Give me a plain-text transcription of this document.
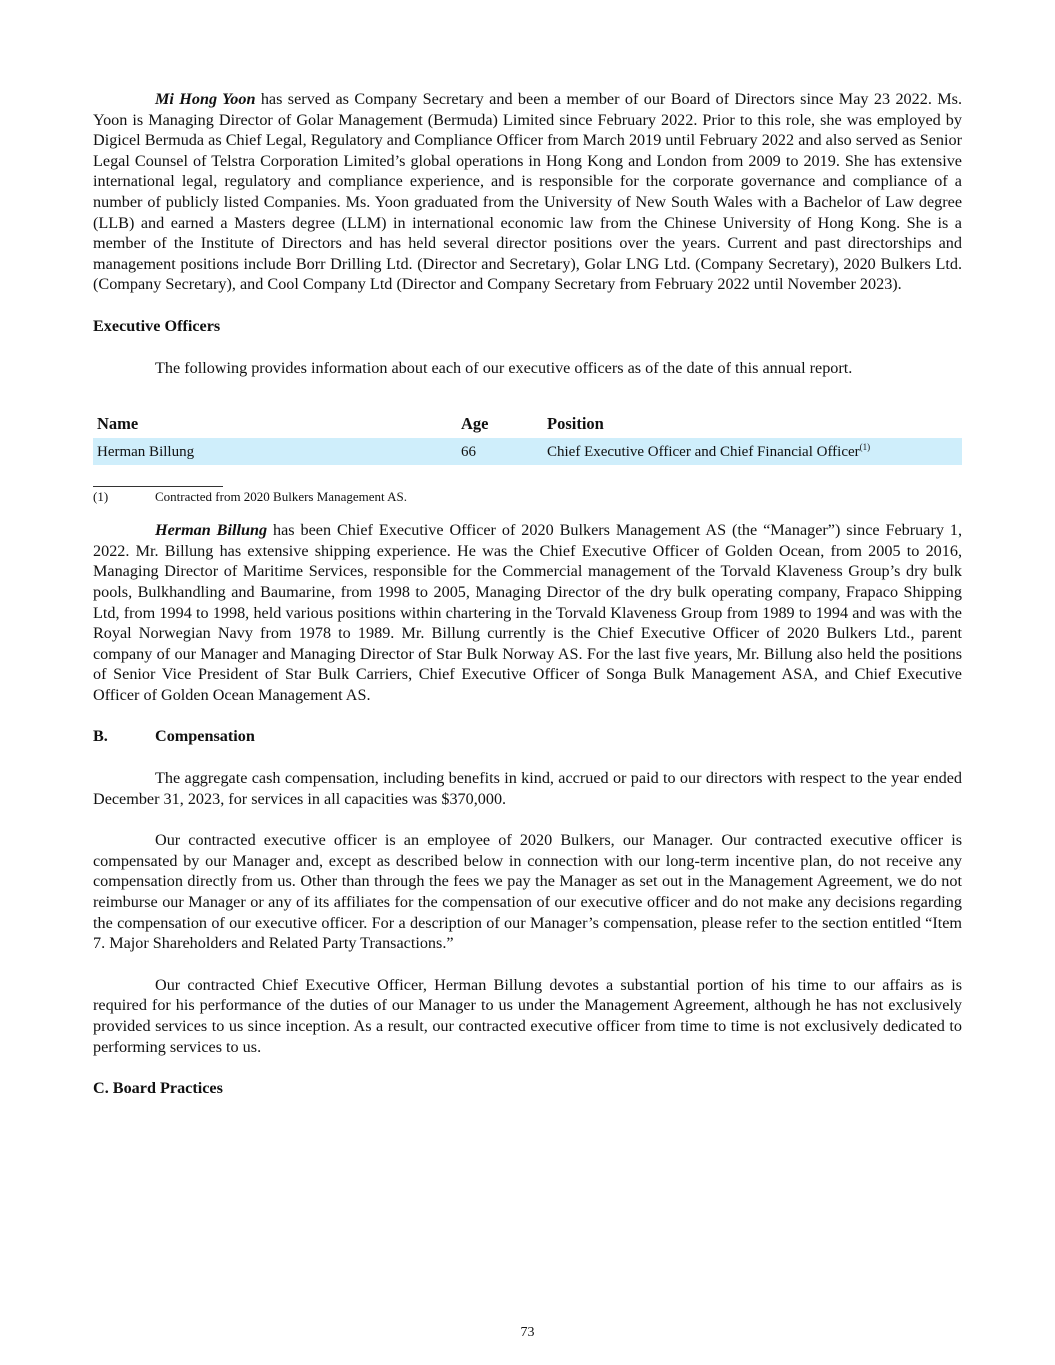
Mi Hong Yoon has served as Company Secretary and been a member of our Board of Directors since May 23 2022. Ms. Yoon is Managing Director of Golar Management (Bermuda) Limited since February 2022. Prior to this role, she was employed by Digicel Bermuda as Chief Legal, Regulatory and Compliance Officer from March 2019 until February 2022 and also served as Senior Legal Counsel of Telstra Corporation Limited’s global operations in Hong Kong and London from 2009 to 2019. She has extensive international legal, regulatory and compliance experience, and is responsible for the corporate governance and compliance of a number of publicly listed Companies. Ms. Yoon graduated from the University of New South Wales with a Bachelor of Law degree (LLB) and earned a Masters degree (LLM) in international economic law from the Chinese University of Hong Kong. She is a member of the Institute of Directors and has held several director positions over the years. Current and past directorships and management positions include Borr Drilling Ltd. (Director and Secretary), Golar LNG Ltd. (Company Secretary), 2020 Bulkers Ltd. (Company Secretary), and Cool Company Ltd (Director and Company Secretary from February 2022 until November 2023).

Executive Officers

The following provides information about each of our executive officers as of the date of this annual report.

Name	Age	Position
Herman Billung	66	Chief Executive Officer and Chief Financial Officer$^{(1)}$
(1)	Contracted from 2020 Bulkers Management AS.

Herman Billung has been Chief Executive Officer of 2020 Bulkers Management AS (the “Manager”) since February 1, 2022. Mr. Billung has extensive shipping experience. He was the Chief Executive Officer of Golden Ocean, from 2005 to 2016, Managing Director of Maritime Services, responsible for the Commercial management of the Torvald Klaveness Group’s dry bulk pools, Bulkhandling and Baumarine, from 1998 to 2005, Managing Director of the dry bulk operating company, Frapaco Shipping Ltd, from 1994 to 1998, held various positions within chartering in the Torvald Klaveness Group from 1989 to 1994 and was with the Royal Norwegian Navy from 1978 to 1989. Mr. Billung currently is the Chief Executive Officer of 2020 Bulkers Ltd., parent company of our Manager and Managing Director of Star Bulk Norway AS. For the last five years, Mr. Billung also held the positions of Senior Vice President of Star Bulk Carriers, Chief Executive Officer of Songa Bulk Management ASA, and Chief Executive Officer of Golden Ocean Management AS.

B.	Compensation

The aggregate cash compensation, including benefits in kind, accrued or paid to our directors with respect to the year ended December 31, 2023, for services in all capacities was $370,000.

Our contracted executive officer is an employee of 2020 Bulkers, our Manager. Our contracted executive officer is compensated by our Manager and, except as described below in connection with our long-term incentive plan, do not receive any compensation directly from us. Other than through the fees we pay the Manager as set out in the Management Agreement, we do not reimburse our Manager or any of its affiliates for the compensation of our executive officer and do not make any decisions regarding the compensation of our executive officer. For a description of our Manager’s compensation, please refer to the section entitled “Item 7. Major Shareholders and Related Party Transactions.”

Our contracted Chief Executive Officer, Herman Billung devotes a substantial portion of his time to our affairs as is required for his performance of the duties of our Manager to us under the Management Agreement, although he has not exclusively provided services to us since inception. As a result, our contracted executive officer from time to time is not exclusively dedicated to performing services to us.

C. Board Practices
73
